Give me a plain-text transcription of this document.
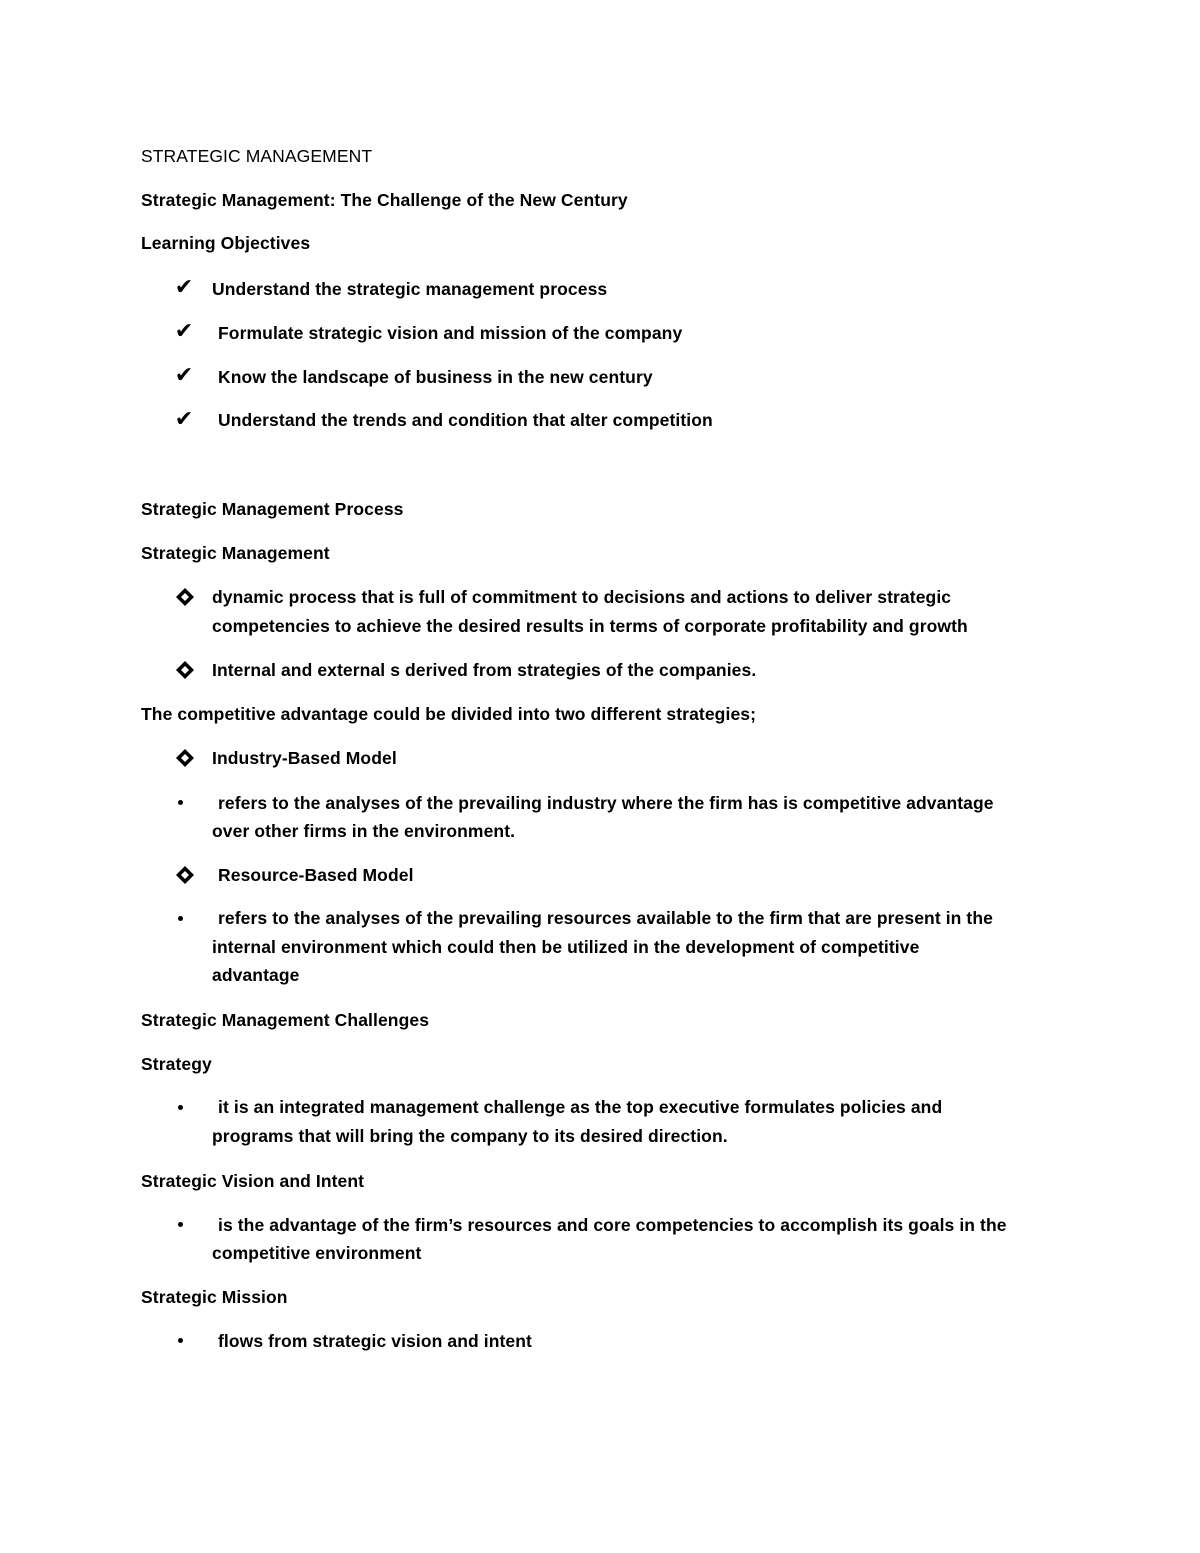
STRATEGIC MANAGEMENT
Strategic Management: The Challenge of the New Century
Learning Objectives
✔ Understand the strategic management process
✔ Formulate strategic vision and mission of the company
✔ Know the landscape of business in the new century
✔ Understand the trends and condition that alter competition
Strategic Management Process
Strategic Management
dynamic process that is full of commitment to decisions and actions to deliver strategic
competencies to achieve the desired results in terms of corporate profitability and growth
Internal and external s derived from strategies of the companies.
The competitive advantage could be divided into two different strategies;
Industry-Based Model
refers to the analyses of the prevailing industry where the firm has is competitive advantage
over other firms in the environment.
Resource-Based Model
refers to the analyses of the prevailing resources available to the firm that are present in the
internal environment which could then be utilized in the development of competitive
advantage
Strategic Management Challenges
Strategy
it is an integrated management challenge as the top executive formulates policies and
programs that will bring the company to its desired direction.
Strategic Vision and Intent
is the advantage of the firm’s resources and core competencies to accomplish its goals in the
competitive environment
Strategic Mission
flows from strategic vision and intent
